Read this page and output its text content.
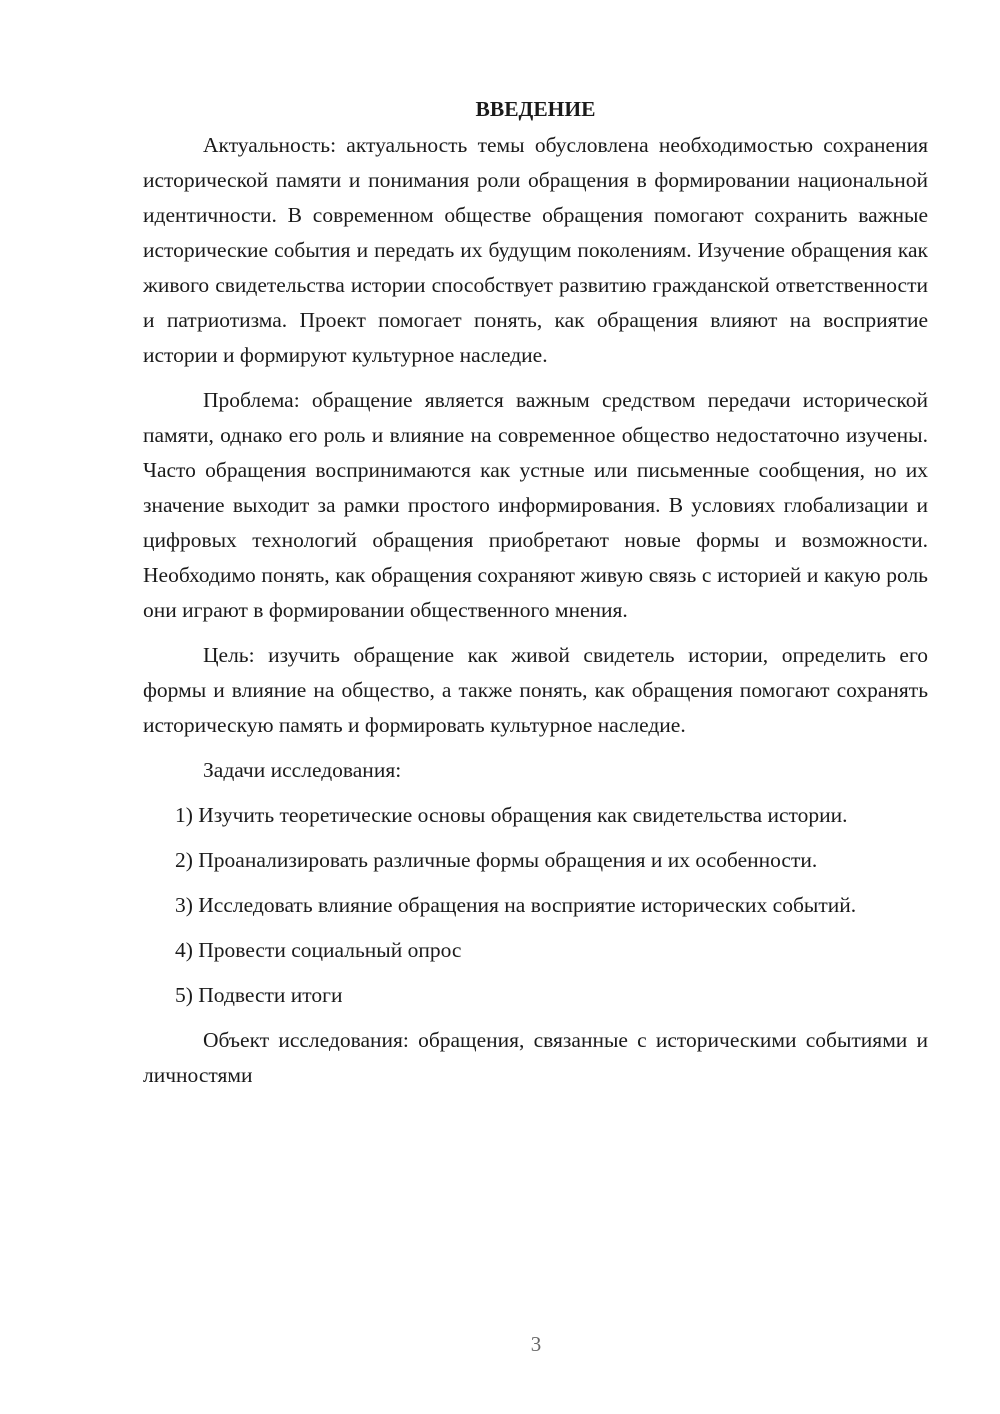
ВВЕДЕНИЕ

Актуальность: актуальность темы обусловлена необходимостью сохранения исторической памяти и понимания роли обращения в формировании национальной идентичности. В современном обществе обращения помогают сохранить важные исторические события и передать их будущим поколениям. Изучение обращения как живого свидетельства истории способствует развитию гражданской ответственности и патриотизма. Проект помогает понять, как обращения влияют на восприятие истории и формируют культурное наследие.

Проблема: обращение является важным средством передачи исторической памяти, однако его роль и влияние на современное общество недостаточно изучены. Часто обращения воспринимаются как устные или письменные сообщения, но их значение выходит за рамки простого информирования. В условиях глобализации и цифровых технологий обращения приобретают новые формы и возможности. Необходимо понять, как обращения сохраняют живую связь с историей и какую роль они играют в формировании общественного мнения.

Цель: изучить обращение как живой свидетель истории, определить его формы и влияние на общество, а также понять, как обращения помогают сохранять историческую память и формировать культурное наследие.

Задачи исследования:

1) Изучить теоретические основы обращения как свидетельства истории.

2) Проанализировать различные формы обращения и их особенности.

3) Исследовать влияние обращения на восприятие исторических событий.

4) Провести социальный опрос

5) Подвести итоги

Объект исследования: обращения, связанные с историческими событиями и личностями

3
